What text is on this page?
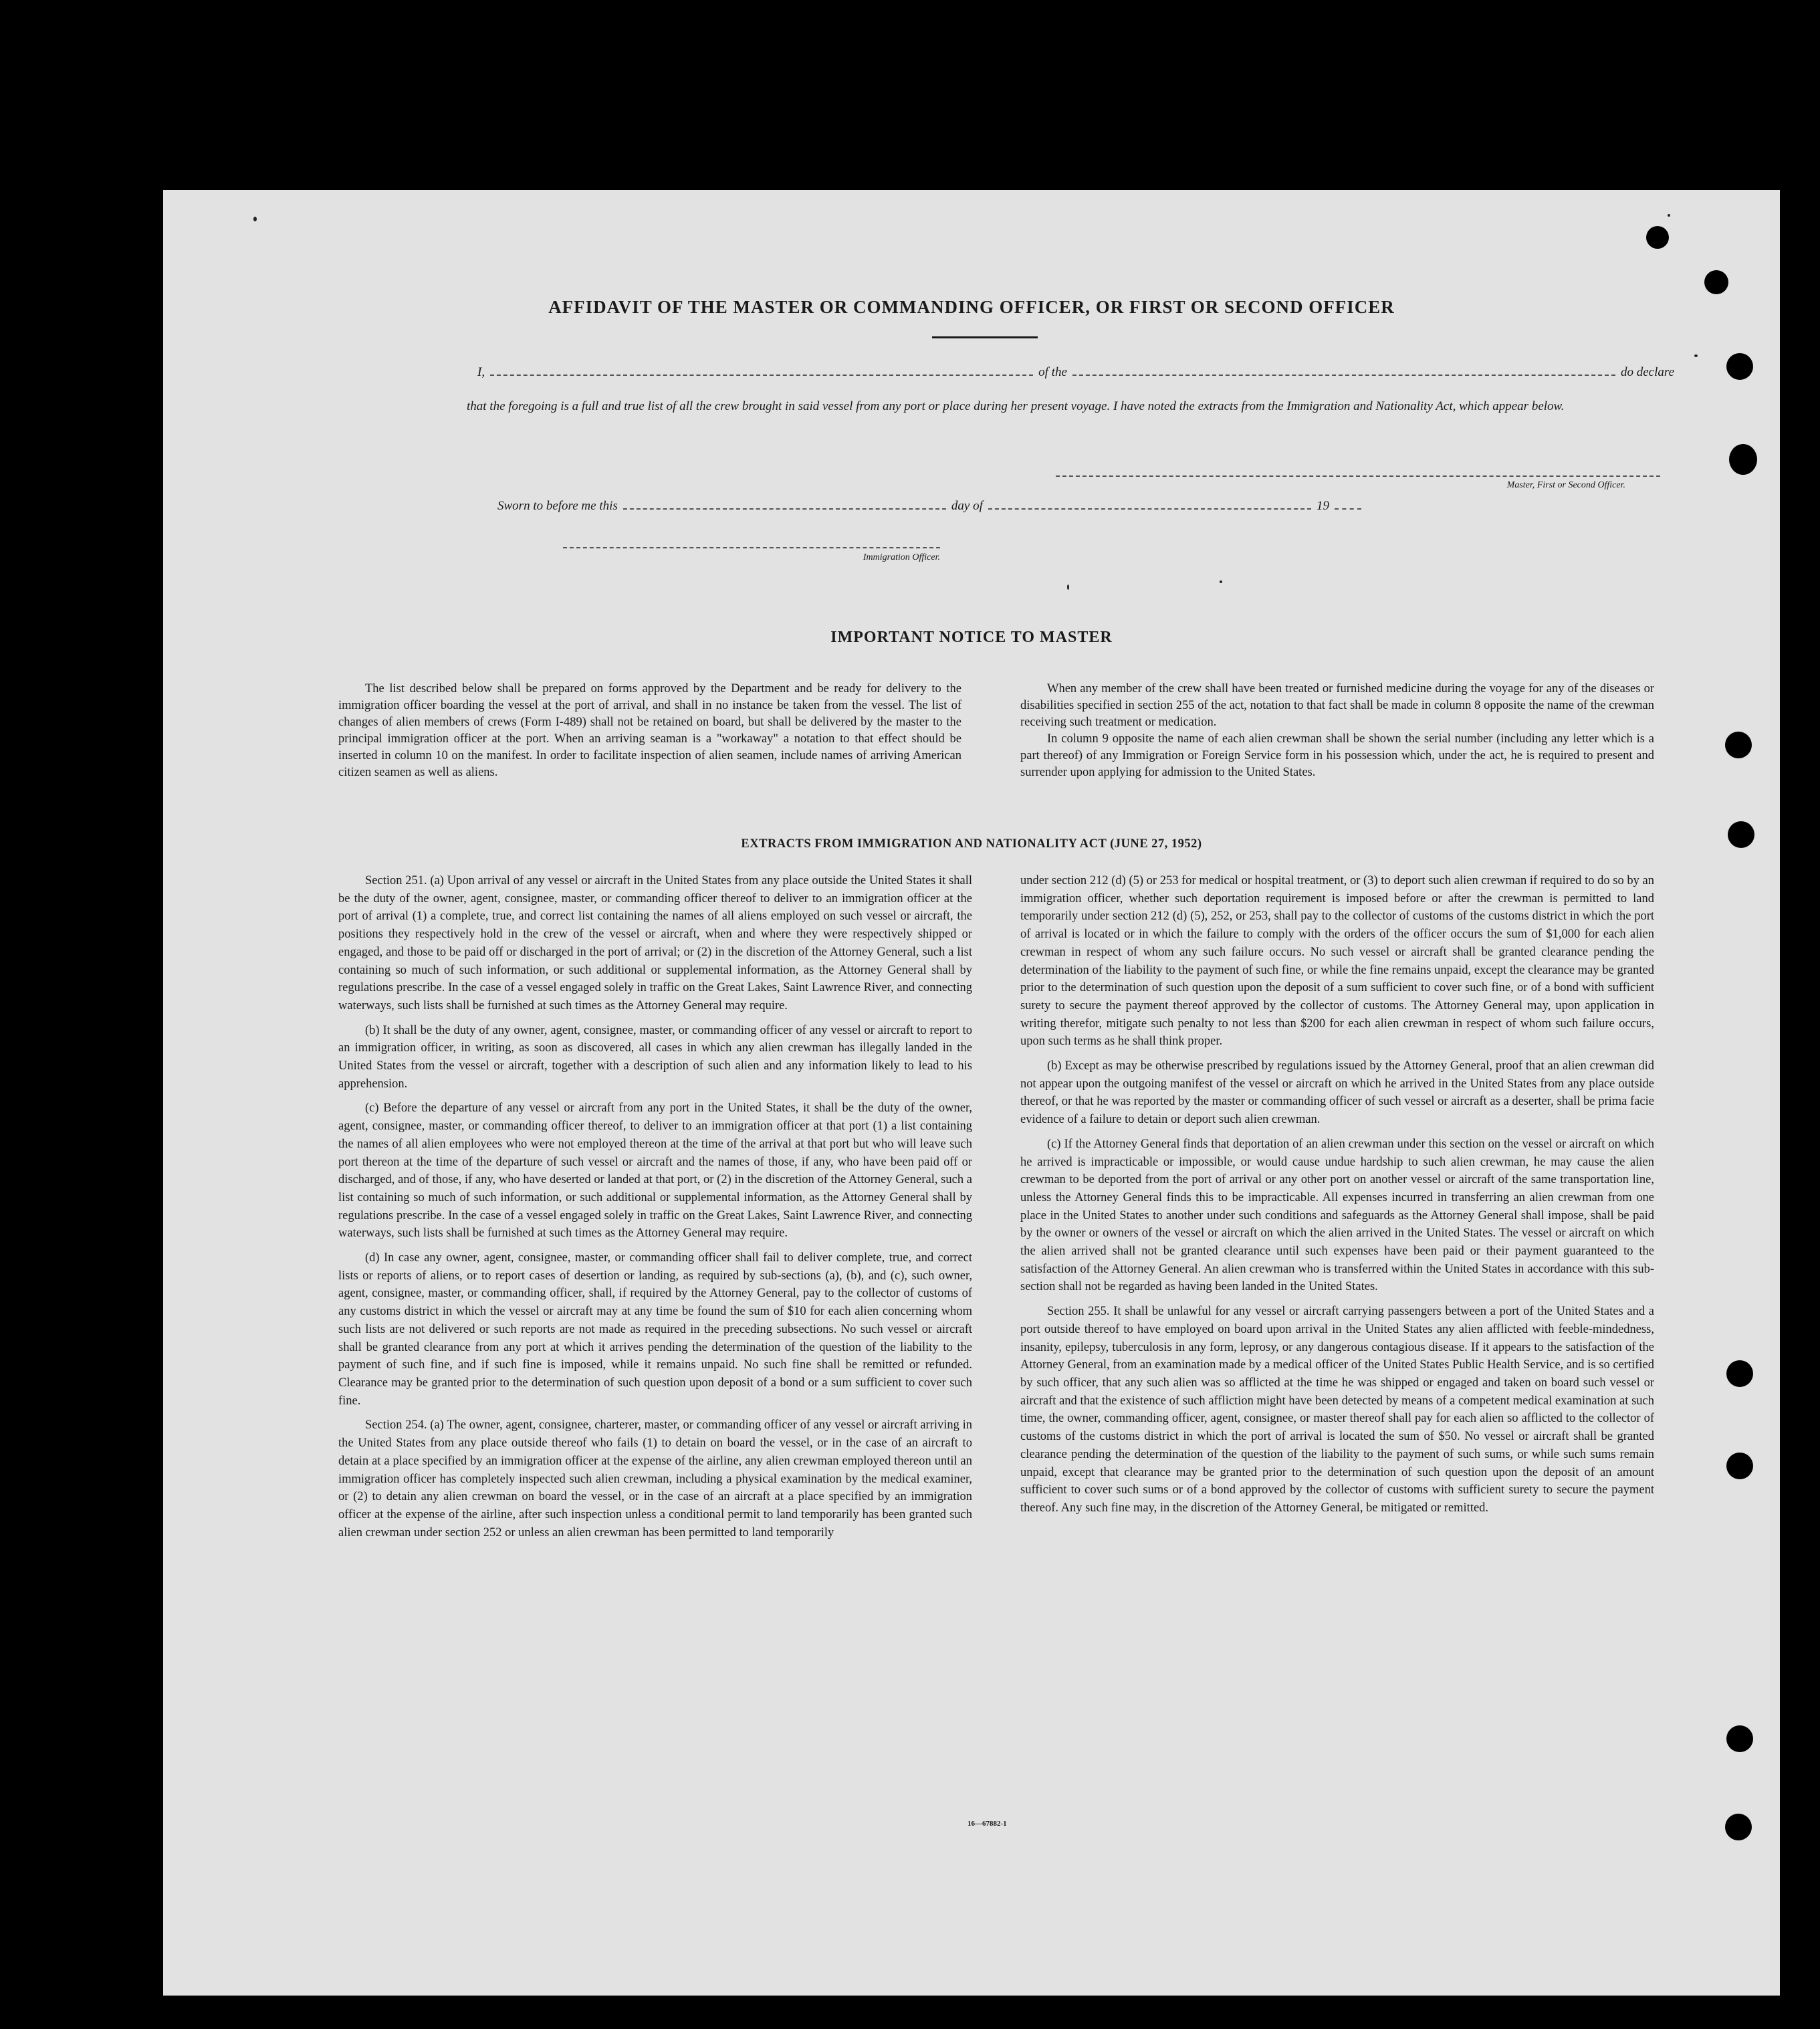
AFFIDAVIT OF THE MASTER OR COMMANDING OFFICER, OR FIRST OR SECOND OFFICER
I,	of the	do declare
that the foregoing is a full and true list of all the crew brought in said vessel from any port or place during her present voyage. I have noted the extracts from the Immigration and Nationality Act, which appear below.
Master, First or Second Officer.
Sworn to before me this	day of	19
Immigration Officer.
IMPORTANT NOTICE TO MASTER
The list described below shall be prepared on forms approved by the Department and be ready for delivery to the immigration officer boarding the vessel at the port of arrival, and shall in no instance be taken from the vessel. The list of changes of alien members of crews (Form I-489) shall not be retained on board, but shall be delivered by the master to the principal immigration officer at the port. When an arriving seaman is a "workaway" a notation to that effect should be inserted in column 10 on the manifest. In order to facilitate inspection of alien seamen, include names of arriving American citizen seamen as well as aliens.
When any member of the crew shall have been treated or furnished medicine during the voyage for any of the diseases or disabilities specified in section 255 of the act, notation to that fact shall be made in column 8 opposite the name of the crewman receiving such treatment or medication.
In column 9 opposite the name of each alien crewman shall be shown the serial number (including any letter which is a part thereof) of any Immigration or Foreign Service form in his possession which, under the act, he is required to present and surrender upon applying for admission to the United States.
EXTRACTS FROM IMMIGRATION AND NATIONALITY ACT (JUNE 27, 1952)

Section 251. (a) Upon arrival of any vessel or aircraft in the United States from any place outside the United States it shall be the duty of the owner, agent, consignee, master, or commanding officer thereof to deliver to an immigration officer at the port of arrival (1) a complete, true, and correct list containing the names of all aliens employed on such vessel or aircraft, the positions they respectively hold in the crew of the vessel or aircraft, when and where they were respectively shipped or engaged, and those to be paid off or discharged in the port of arrival; or (2) in the discretion of the Attorney General, such a list containing so much of such information, or such additional or supplemental information, as the Attorney General shall by regulations prescribe. In the case of a vessel engaged solely in traffic on the Great Lakes, Saint Lawrence River, and connecting waterways, such lists shall be furnished at such times as the Attorney General may require.

(b) It shall be the duty of any owner, agent, consignee, master, or commanding officer of any vessel or aircraft to report to an immigration officer, in writing, as soon as discovered, all cases in which any alien crewman has illegally landed in the United States from the vessel or aircraft, together with a description of such alien and any information likely to lead to his apprehension.

(c) Before the departure of any vessel or aircraft from any port in the United States, it shall be the duty of the owner, agent, consignee, master, or commanding officer thereof, to deliver to an immigration officer at that port (1) a list containing the names of all alien employees who were not employed thereon at the time of the arrival at that port but who will leave such port thereon at the time of the departure of such vessel or aircraft and the names of those, if any, who have been paid off or discharged, and of those, if any, who have deserted or landed at that port, or (2) in the discretion of the Attorney General, such a list containing so much of such information, or such additional or supplemental information, as the Attorney General shall by regulations prescribe. In the case of a vessel engaged solely in traffic on the Great Lakes, Saint Lawrence River, and connecting waterways, such lists shall be furnished at such times as the Attorney General may require.

(d) In case any owner, agent, consignee, master, or commanding officer shall fail to deliver complete, true, and correct lists or reports of aliens, or to report cases of desertion or landing, as required by sub-sections (a), (b), and (c), such owner, agent, consignee, master, or commanding officer, shall, if required by the Attorney General, pay to the collector of customs of any customs district in which the vessel or aircraft may at any time be found the sum of $10 for each alien concerning whom such lists are not delivered or such reports are not made as required in the preceding subsections. No such vessel or aircraft shall be granted clearance from any port at which it arrives pending the determination of the question of the liability to the payment of such fine, and if such fine is imposed, while it remains unpaid. No such fine shall be remitted or refunded. Clearance may be granted prior to the determination of such question upon deposit of a bond or a sum sufficient to cover such fine.

Section 254. (a) The owner, agent, consignee, charterer, master, or commanding officer of any vessel or aircraft arriving in the United States from any place outside thereof who fails (1) to detain on board the vessel, or in the case of an aircraft to detain at a place specified by an immigration officer at the expense of the airline, any alien crewman employed thereon until an immigration officer has completely inspected such alien crewman, including a physical examination by the medical examiner, or (2) to detain any alien crewman on board the vessel, or in the case of an aircraft at a place specified by an immigration officer at the expense of the airline, after such inspection unless a conditional permit to land temporarily has been granted such alien crewman under section 252 or unless an alien crewman has been permitted to land temporarily

under section 212 (d) (5) or 253 for medical or hospital treatment, or (3) to deport such alien crewman if required to do so by an immigration officer, whether such deportation requirement is imposed before or after the crewman is permitted to land temporarily under section 212 (d) (5), 252, or 253, shall pay to the collector of customs of the customs district in which the port of arrival is located or in which the failure to comply with the orders of the officer occurs the sum of $1,000 for each alien crewman in respect of whom any such failure occurs. No such vessel or aircraft shall be granted clearance pending the determination of the liability to the payment of such fine, or while the fine remains unpaid, except the clearance may be granted prior to the determination of such question upon the deposit of a sum sufficient to cover such fine, or of a bond with sufficient surety to secure the payment thereof approved by the collector of customs. The Attorney General may, upon application in writing therefor, mitigate such penalty to not less than $200 for each alien crewman in respect of whom such failure occurs, upon such terms as he shall think proper.

(b) Except as may be otherwise prescribed by regulations issued by the Attorney General, proof that an alien crewman did not appear upon the outgoing manifest of the vessel or aircraft on which he arrived in the United States from any place outside thereof, or that he was reported by the master or commanding officer of such vessel or aircraft as a deserter, shall be prima facie evidence of a failure to detain or deport such alien crewman.

(c) If the Attorney General finds that deportation of an alien crewman under this section on the vessel or aircraft on which he arrived is impracticable or impossible, or would cause undue hardship to such alien crewman, he may cause the alien crewman to be deported from the port of arrival or any other port on another vessel or aircraft of the same transportation line, unless the Attorney General finds this to be impracticable. All expenses incurred in transferring an alien crewman from one place in the United States to another under such conditions and safeguards as the Attorney General shall impose, shall be paid by the owner or owners of the vessel or aircraft on which the alien arrived in the United States. The vessel or aircraft on which the alien arrived shall not be granted clearance until such expenses have been paid or their payment guaranteed to the satisfaction of the Attorney General. An alien crewman who is transferred within the United States in accordance with this sub-section shall not be regarded as having been landed in the United States.

Section 255. It shall be unlawful for any vessel or aircraft carrying passengers between a port of the United States and a port outside thereof to have employed on board upon arrival in the United States any alien afflicted with feeble-mindedness, insanity, epilepsy, tuberculosis in any form, leprosy, or any dangerous contagious disease. If it appears to the satisfaction of the Attorney General, from an examination made by a medical officer of the United States Public Health Service, and is so certified by such officer, that any such alien was so afflicted at the time he was shipped or engaged and taken on board such vessel or aircraft and that the existence of such affliction might have been detected by means of a competent medical examination at such time, the owner, commanding officer, agent, consignee, or master thereof shall pay for each alien so afflicted to the collector of customs of the customs district in which the port of arrival is located the sum of $50. No vessel or aircraft shall be granted clearance pending the determination of the question of the liability to the payment of such sums, or while such sums remain unpaid, except that clearance may be granted prior to the determination of such question upon the deposit of an amount sufficient to cover such sums or of a bond approved by the collector of customs with sufficient surety to secure the payment thereof. Any such fine may, in the discretion of the Attorney General, be mitigated or remitted.

16—67882-1
